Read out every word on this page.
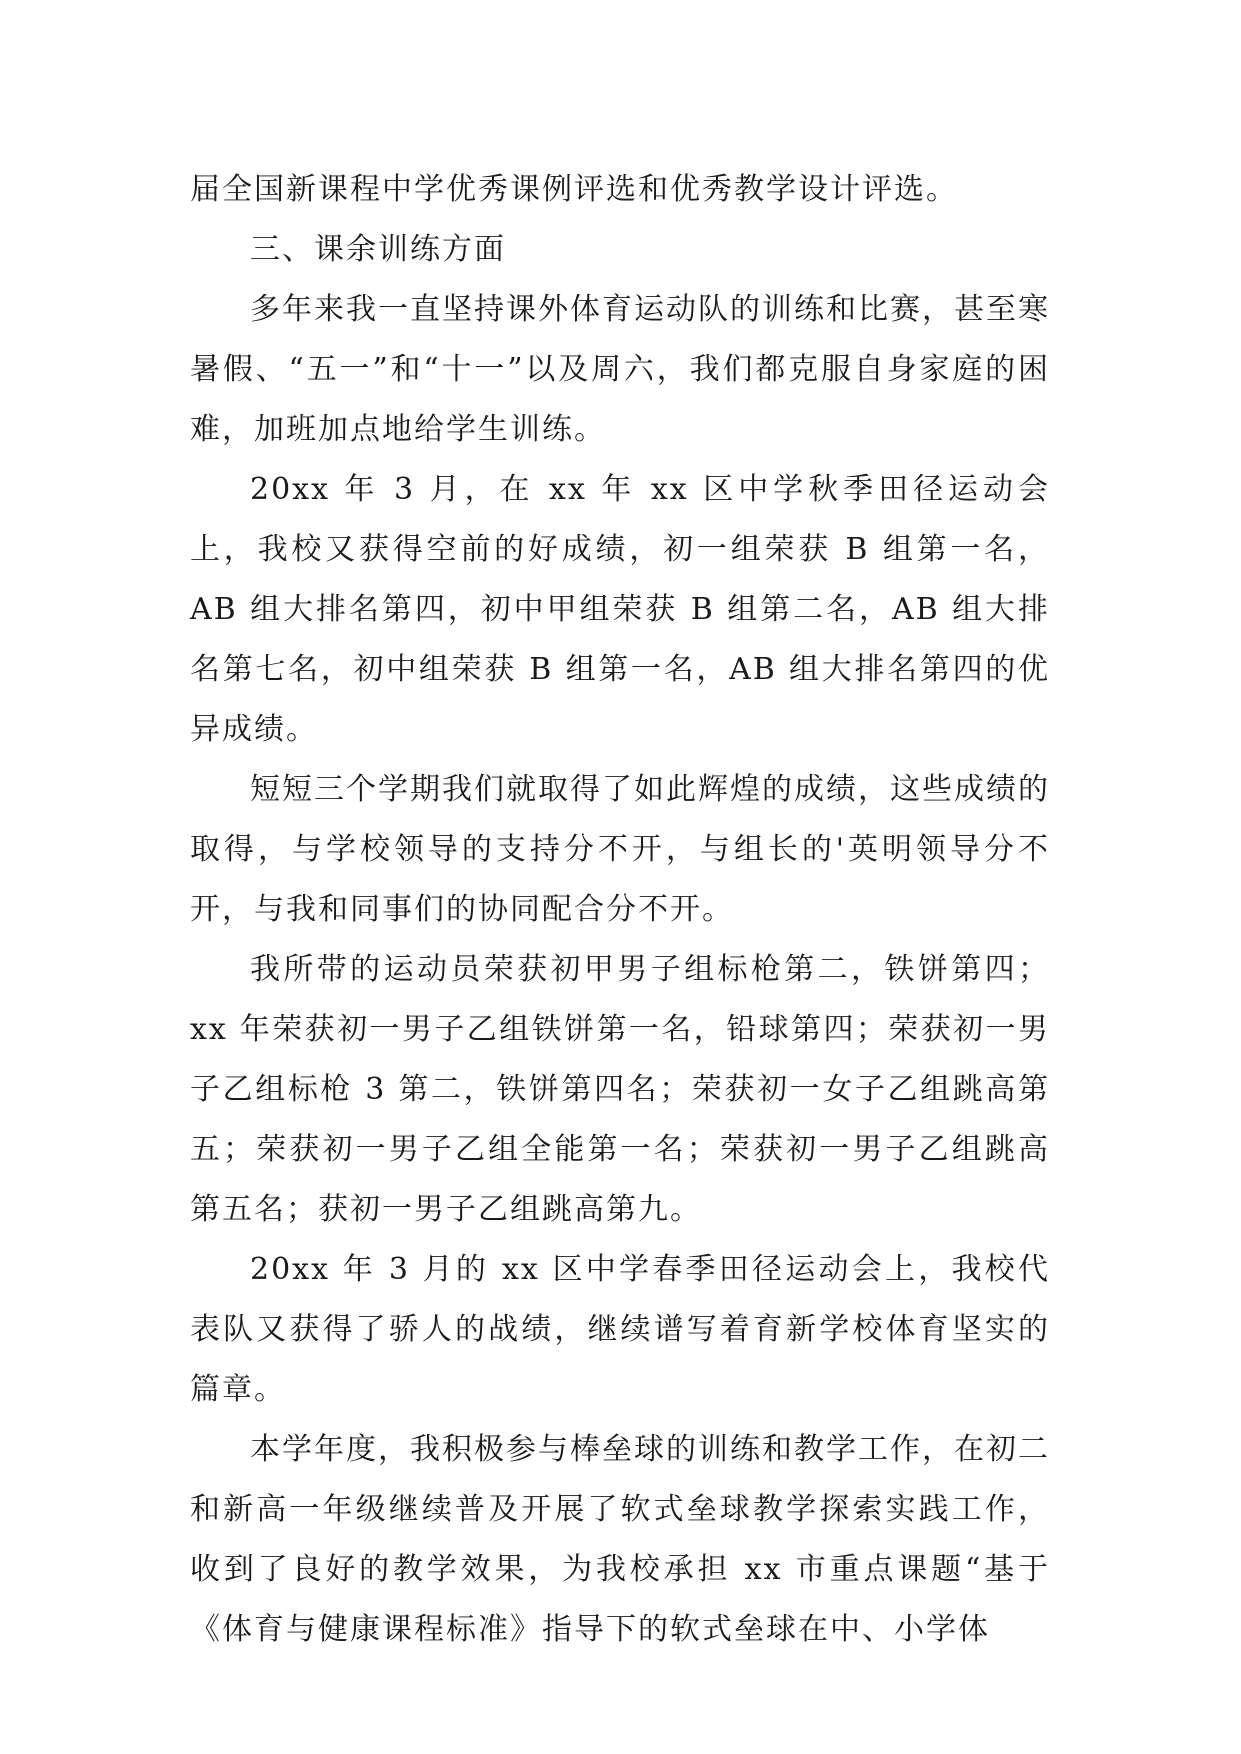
届全国新课程中学优秀课例评选和优秀教学设计评选。

三、课余训练方面

多年来我一直坚持课外体育运动队的训练和比赛，甚至寒暑假、“五一”和“十一”以及周六，我们都克服自身家庭的困难，加班加点地给学生训练。

20xx 年 3 月，在 xx 年 xx 区中学秋季田径运动会上，我校又获得空前的好成绩，初一组荣获 B 组第一名，AB 组大排名第四，初中甲组荣获 B 组第二名，AB 组大排名第七名，初中组荣获 B 组第一名，AB 组大排名第四的优异成绩。

短短三个学期我们就取得了如此辉煌的成绩，这些成绩的取得，与学校领导的支持分不开，与组长的'英明领导分不开，与我和同事们的协同配合分不开。

我所带的运动员荣获初甲男子组标枪第二，铁饼第四；xx 年荣获初一男子乙组铁饼第一名，铅球第四；荣获初一男子乙组标枪 3 第二，铁饼第四名；荣获初一女子乙组跳高第五；荣获初一男子乙组全能第一名；荣获初一男子乙组跳高第五名；获初一男子乙组跳高第九。

20xx 年 3 月的 xx 区中学春季田径运动会上，我校代表队又获得了骄人的战绩，继续谱写着育新学校体育坚实的篇章。

本学年度，我积极参与棒垒球的训练和教学工作，在初二和新高一年级继续普及开展了软式垒球教学探索实践工作，收到了良好的教学效果，为我校承担 xx 市重点课题“基于《体育与健康课程标准》指导下的软式垒球在中、小学体
